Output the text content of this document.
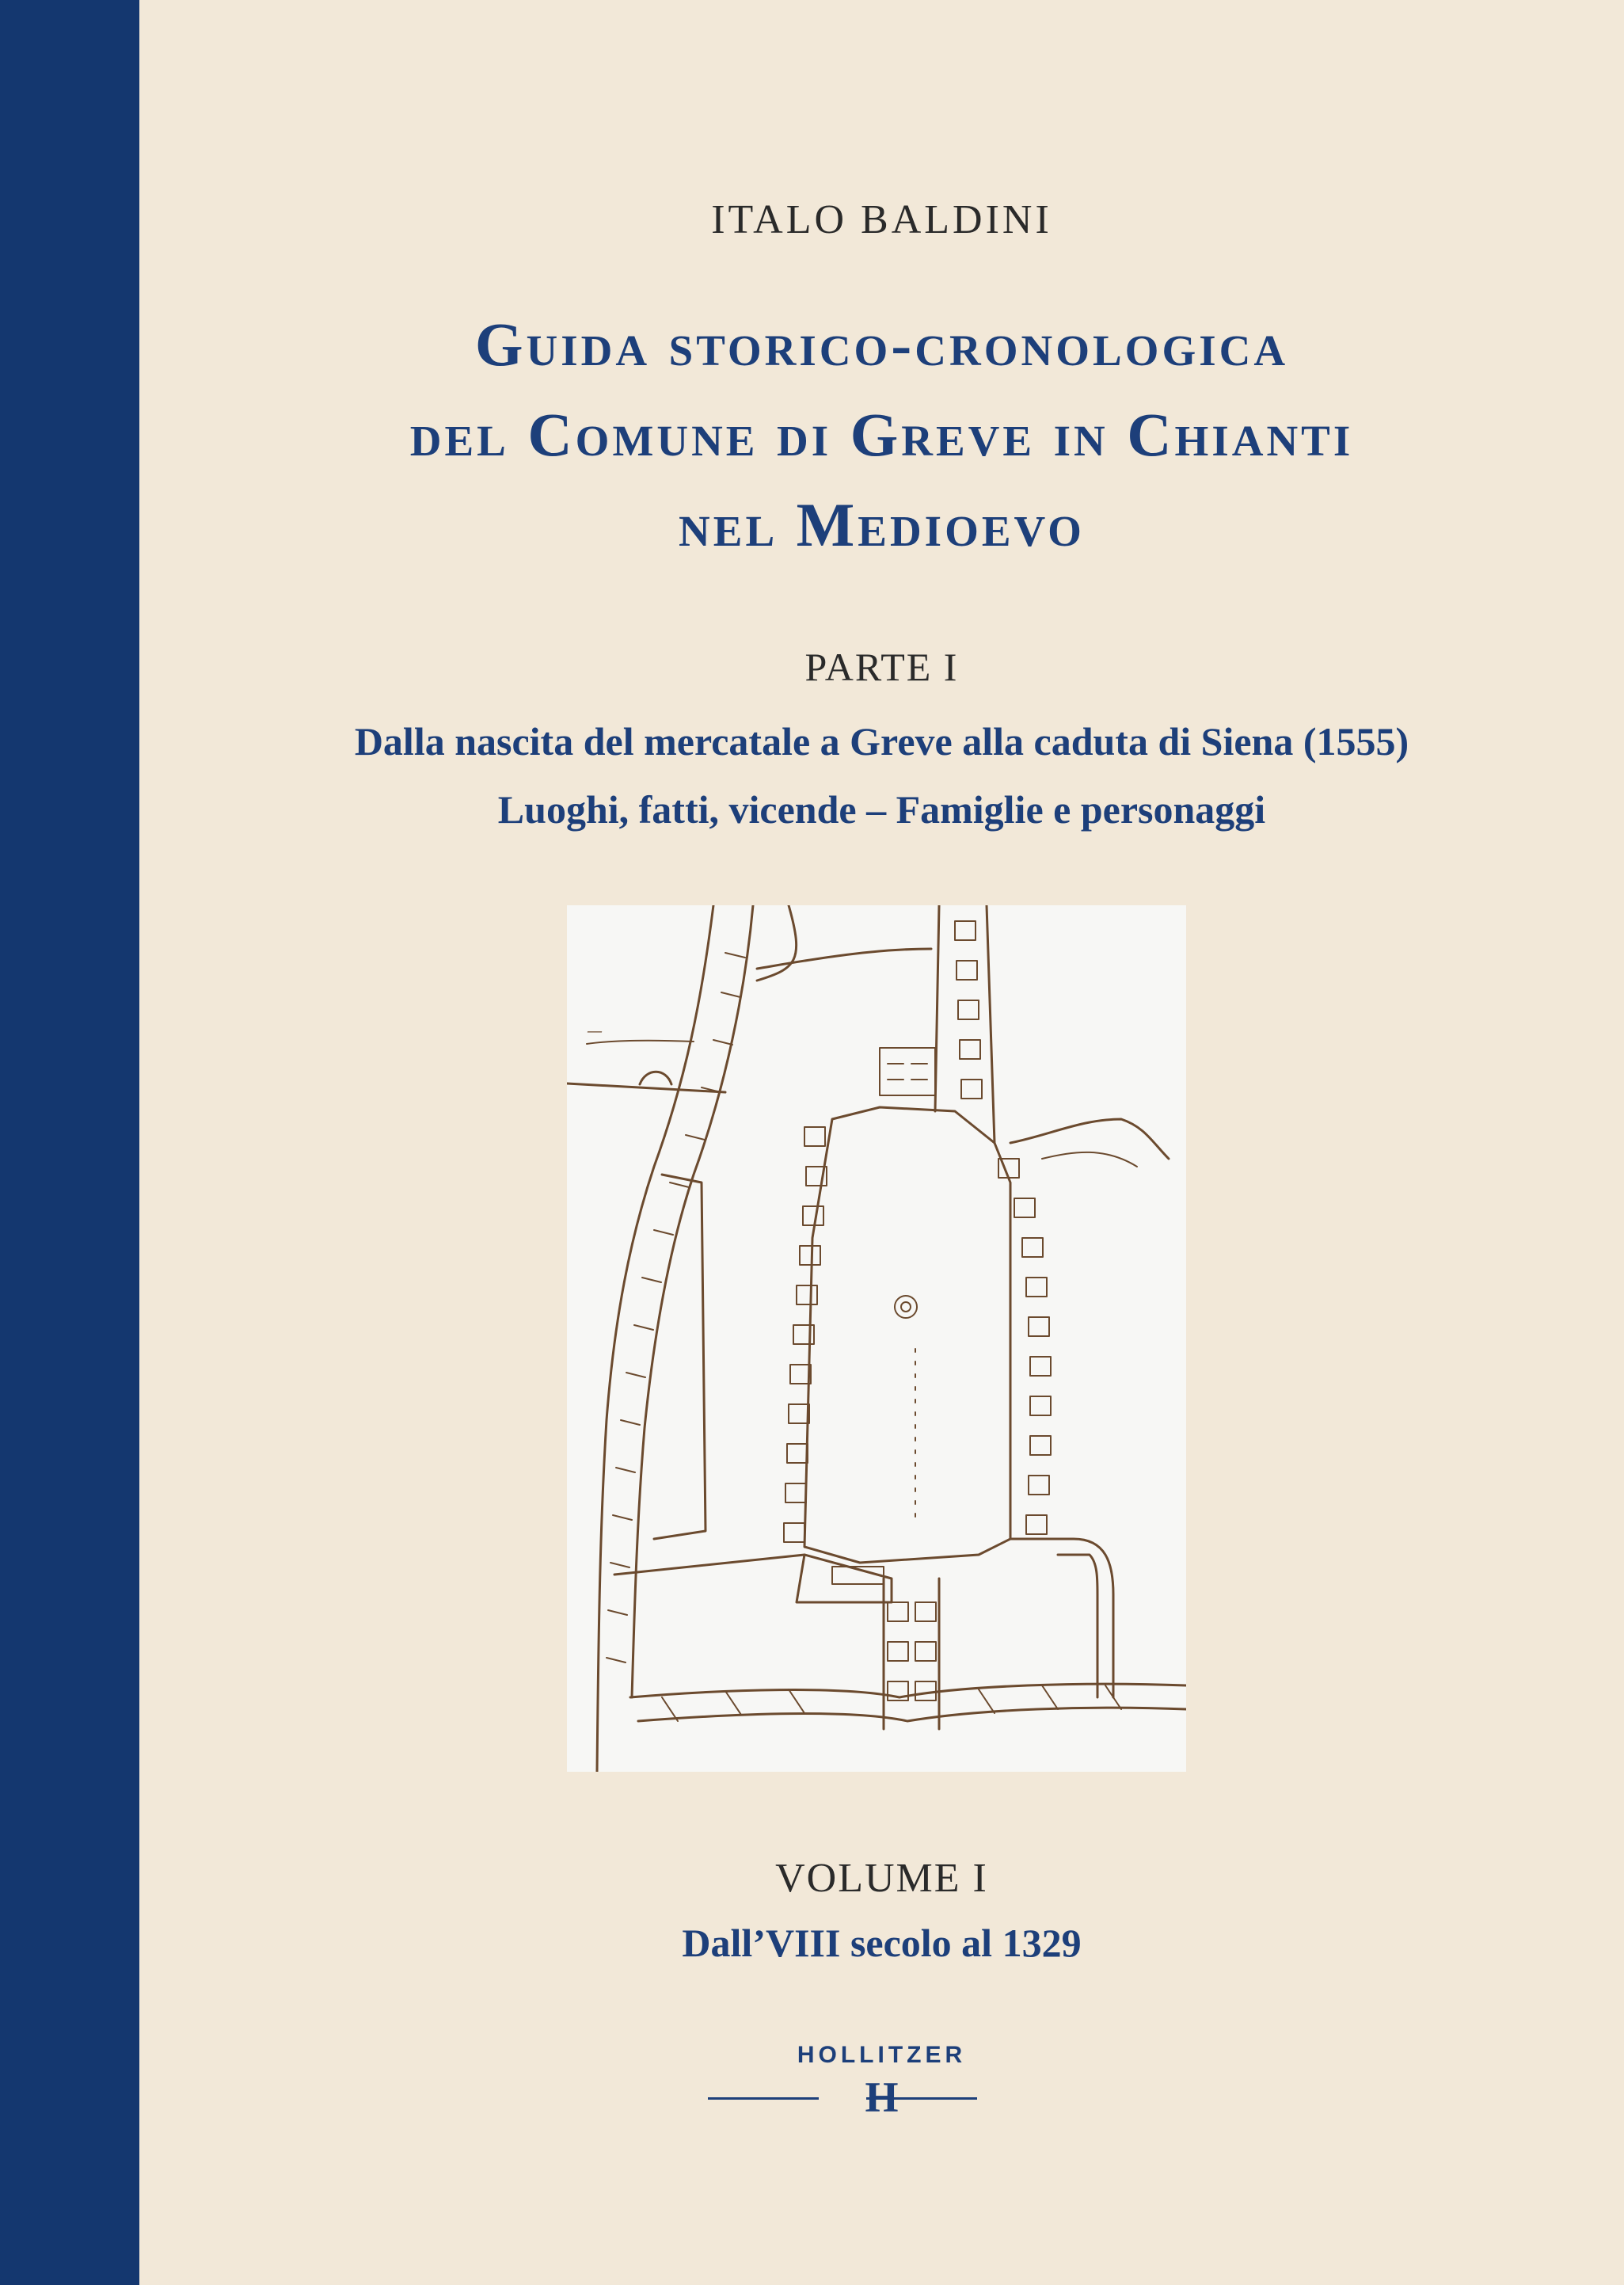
ITALO BALDINI
Guida storico-cronologica
del Comune di Greve in Chianti
nel Medioevo
PARTE I
Dalla nascita del mercatale a Greve alla caduta di Siena (1555)
Luoghi, fatti, vicende – Famiglie e personaggi
—
VOLUME I
Dall’VIII secolo al 1329
HOLLITZER
H
